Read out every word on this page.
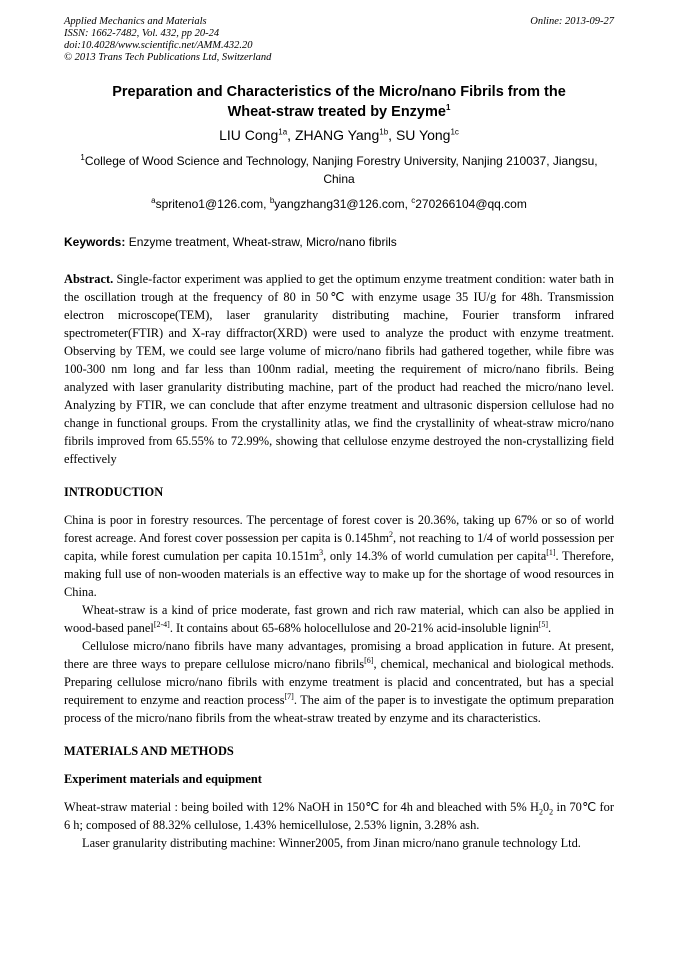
Applied Mechanics and Materials
ISSN: 1662-7482, Vol. 432, pp 20-24
doi:10.4028/www.scientific.net/AMM.432.20
© 2013 Trans Tech Publications Ltd, Switzerland
Online: 2013-09-27
Preparation and Characteristics of the Micro/nano Fibrils from the
Wheat-straw treated by Enzyme$^1$
LIU Cong$^{1a}$, ZHANG Yang$^{1b}$, SU Yong$^{1c}$
$^1$College of Wood Science and Technology, Nanjing Forestry University, Nanjing 210037, Jiangsu, China
$^a$spriteno1@126.com, $^b$yangzhang31@126.com, $^c$270266104@qq.com
Keywords: Enzyme treatment, Wheat-straw, Micro/nano fibrils

Abstract. Single-factor experiment was applied to get the optimum enzyme treatment condition: water bath in the oscillation trough at the frequency of 80 in 50℃ with enzyme usage 35 IU/g for 48h. Transmission electron microscope(TEM), laser granularity distributing machine, Fourier transform infrared spectrometer(FTIR) and X-ray diffractor(XRD) were used to analyze the product with enzyme treatment. Observing by TEM, we could see large volume of micro/nano fibrils had gathered together, while fibre was 100-300 nm long and far less than 100nm radial, meeting the requirement of micro/nano fibrils. Being analyzed with laser granularity distributing machine, part of the product had reached the micro/nano level. Analyzing by FTIR, we can conclude that after enzyme treatment and ultrasonic dispersion cellulose had no change in functional groups. From the crystallinity atlas, we find the crystallinity of wheat-straw micro/nano fibrils improved from 65.55% to 72.99%, showing that cellulose enzyme destroyed the non-crystallizing field effectively

INTRODUCTION

China is poor in forestry resources. The percentage of forest cover is 20.36%, taking up 67% or so of world forest acreage. And forest cover possession per capita is $0.145hm^2$, not reaching to 1/4 of world possession per capita, while forest cumulation per capita $10.151m^3$, only 14.3% of world cumulation per capita[1]. Therefore, making full use of non-wooden materials is an effective way to make up for the shortage of wood resources in China.

Wheat-straw is a kind of price moderate, fast grown and rich raw material, which can also be applied in wood-based panel[2-4]. It contains about 65-68% holocellulose and 20-21% acid-insoluble lignin[5].

Cellulose micro/nano fibrils have many advantages, promising a broad application in future. At present, there are three ways to prepare cellulose micro/nano fibrils[6], chemical, mechanical and biological methods. Preparing cellulose micro/nano fibrils with enzyme treatment is placid and concentrated, but has a special requirement to enzyme and reaction process[7]. The aim of the paper is to investigate the optimum preparation process of the micro/nano fibrils from the wheat-straw treated by enzyme and its characteristics.

MATERIALS AND METHODS
Experiment materials and equipment

Wheat-straw material : being boiled with 12% NaOH in 150℃ for 4h and bleached with 5% $H_20_2$ in 70℃ for 6 h; composed of 88.32% cellulose, 1.43% hemicellulose, 2.53% lignin, 3.28% ash.

Laser granularity distributing machine: Winner2005, from Jinan micro/nano granule technology Ltd.
